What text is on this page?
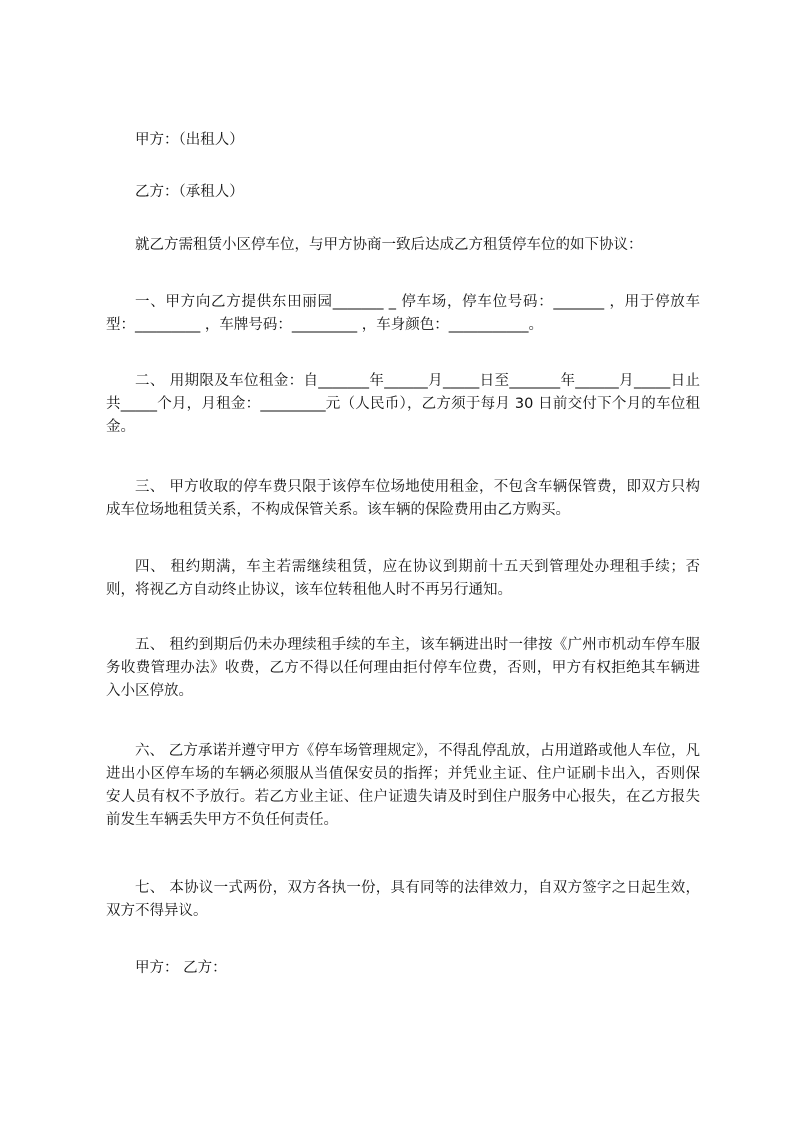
甲方：（出租人）

乙方：（承租人）

就乙方需租赁小区停车位，与甲方协商一致后达成乙方租赁停车位的如下协议：

一、甲方向乙方提供东田丽园_______ _ 停车场，停车位号码：_______ ，用于停放车型：_________ ，车牌号码：_________ ，车身颜色：___________。

二、 用期限及车位租金：自_______年______月_____日至_______年______月_____日止共_____个月，月租金：_________元（人民币），乙方须于每月 30 日前交付下个月的车位租金。

三、 甲方收取的停车费只限于该停车位场地使用租金，不包含车辆保管费，即双方只构成车位场地租赁关系，不构成保管关系。该车辆的保险费用由乙方购买。

四、 租约期满，车主若需继续租赁，应在协议到期前十五天到管理处办理租手续；否则，将视乙方自动终止协议，该车位转租他人时不再另行通知。

五、 租约到期后仍未办理续租手续的车主，该车辆进出时一律按《广州市机动车停车服务收费管理办法》收费，乙方不得以任何理由拒付停车位费，否则，甲方有权拒绝其车辆进入小区停放。

六、 乙方承诺并遵守甲方《停车场管理规定》，不得乱停乱放，占用道路或他人车位，凡进出小区停车场的车辆必须服从当值保安员的指挥；并凭业主证、住户证刷卡出入，否则保安人员有权不予放行。若乙方业主证、住户证遗失请及时到住户服务中心报失，在乙方报失前发生车辆丢失甲方不负任何责任。

七、 本协议一式两份，双方各执一份，具有同等的法律效力，自双方签字之日起生效，双方不得异议。

甲方： 乙方：
